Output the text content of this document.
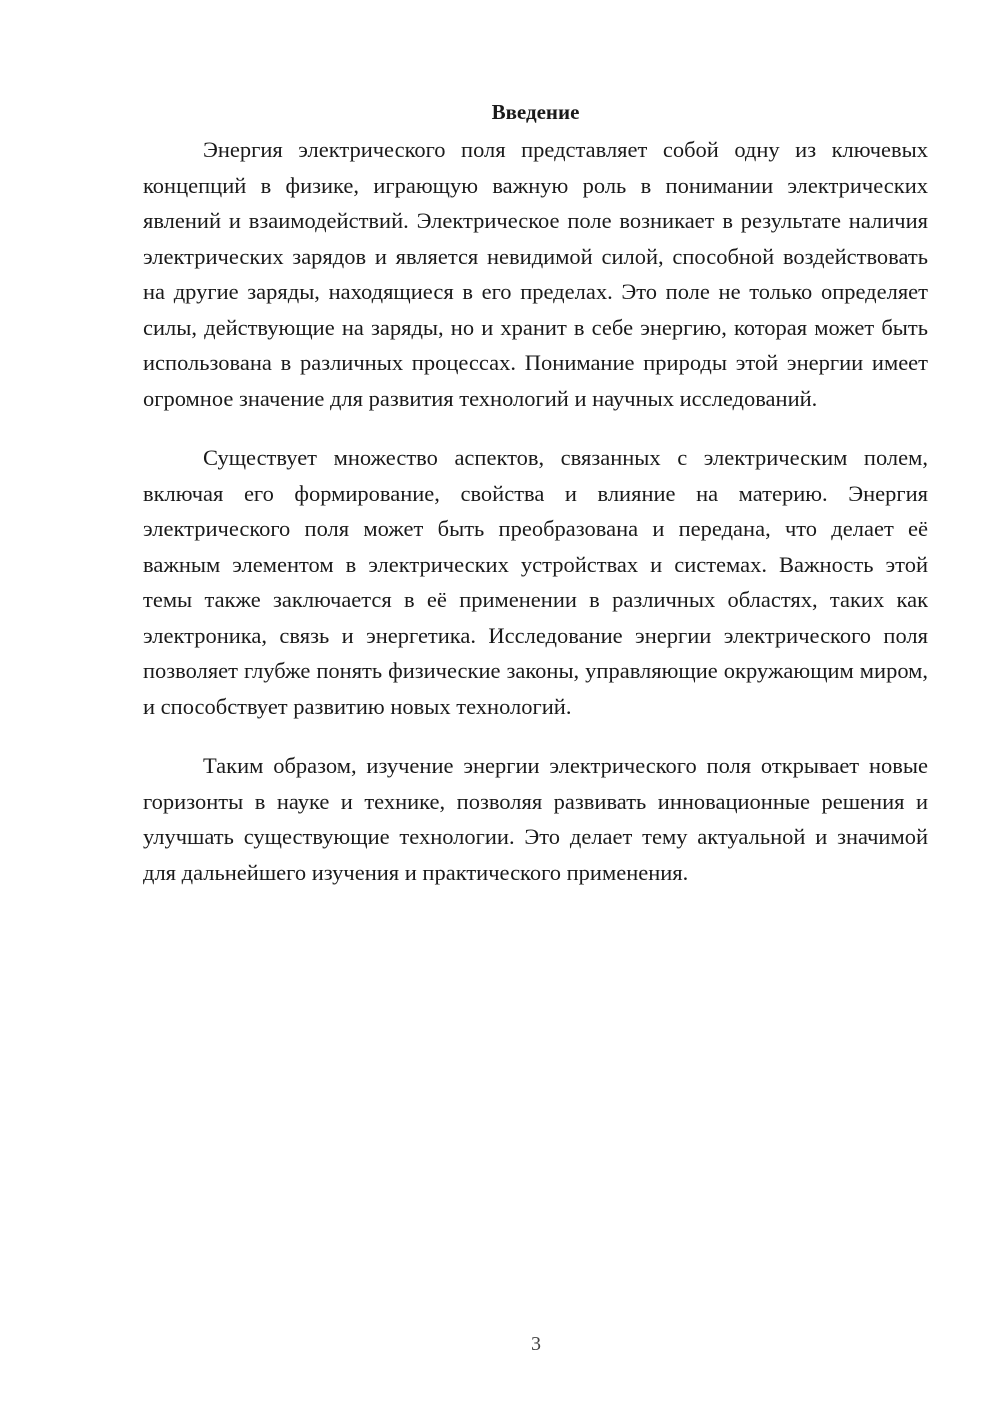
Введение

Энергия электрического поля представляет собой одну из ключевых концепций в физике, играющую важную роль в понимании электрических явлений и взаимодействий. Электрическое поле возникает в результате наличия электрических зарядов и является невидимой силой, способной воздействовать на другие заряды, находящиеся в его пределах. Это поле не только определяет силы, действующие на заряды, но и хранит в себе энергию, которая может быть использована в различных процессах. Понимание природы этой энергии имеет огромное значение для развития технологий и научных исследований.

Существует множество аспектов, связанных с электрическим полем, включая его формирование, свойства и влияние на материю. Энергия электрического поля может быть преобразована и передана, что делает её важным элементом в электрических устройствах и системах. Важность этой темы также заключается в её применении в различных областях, таких как электроника, связь и энергетика. Исследование энергии электрического поля позволяет глубже понять физические законы, управляющие окружающим миром, и способствует развитию новых технологий.

Таким образом, изучение энергии электрического поля открывает новые горизонты в науке и технике, позволяя развивать инновационные решения и улучшать существующие технологии. Это делает тему актуальной и значимой для дальнейшего изучения и практического применения.

3
